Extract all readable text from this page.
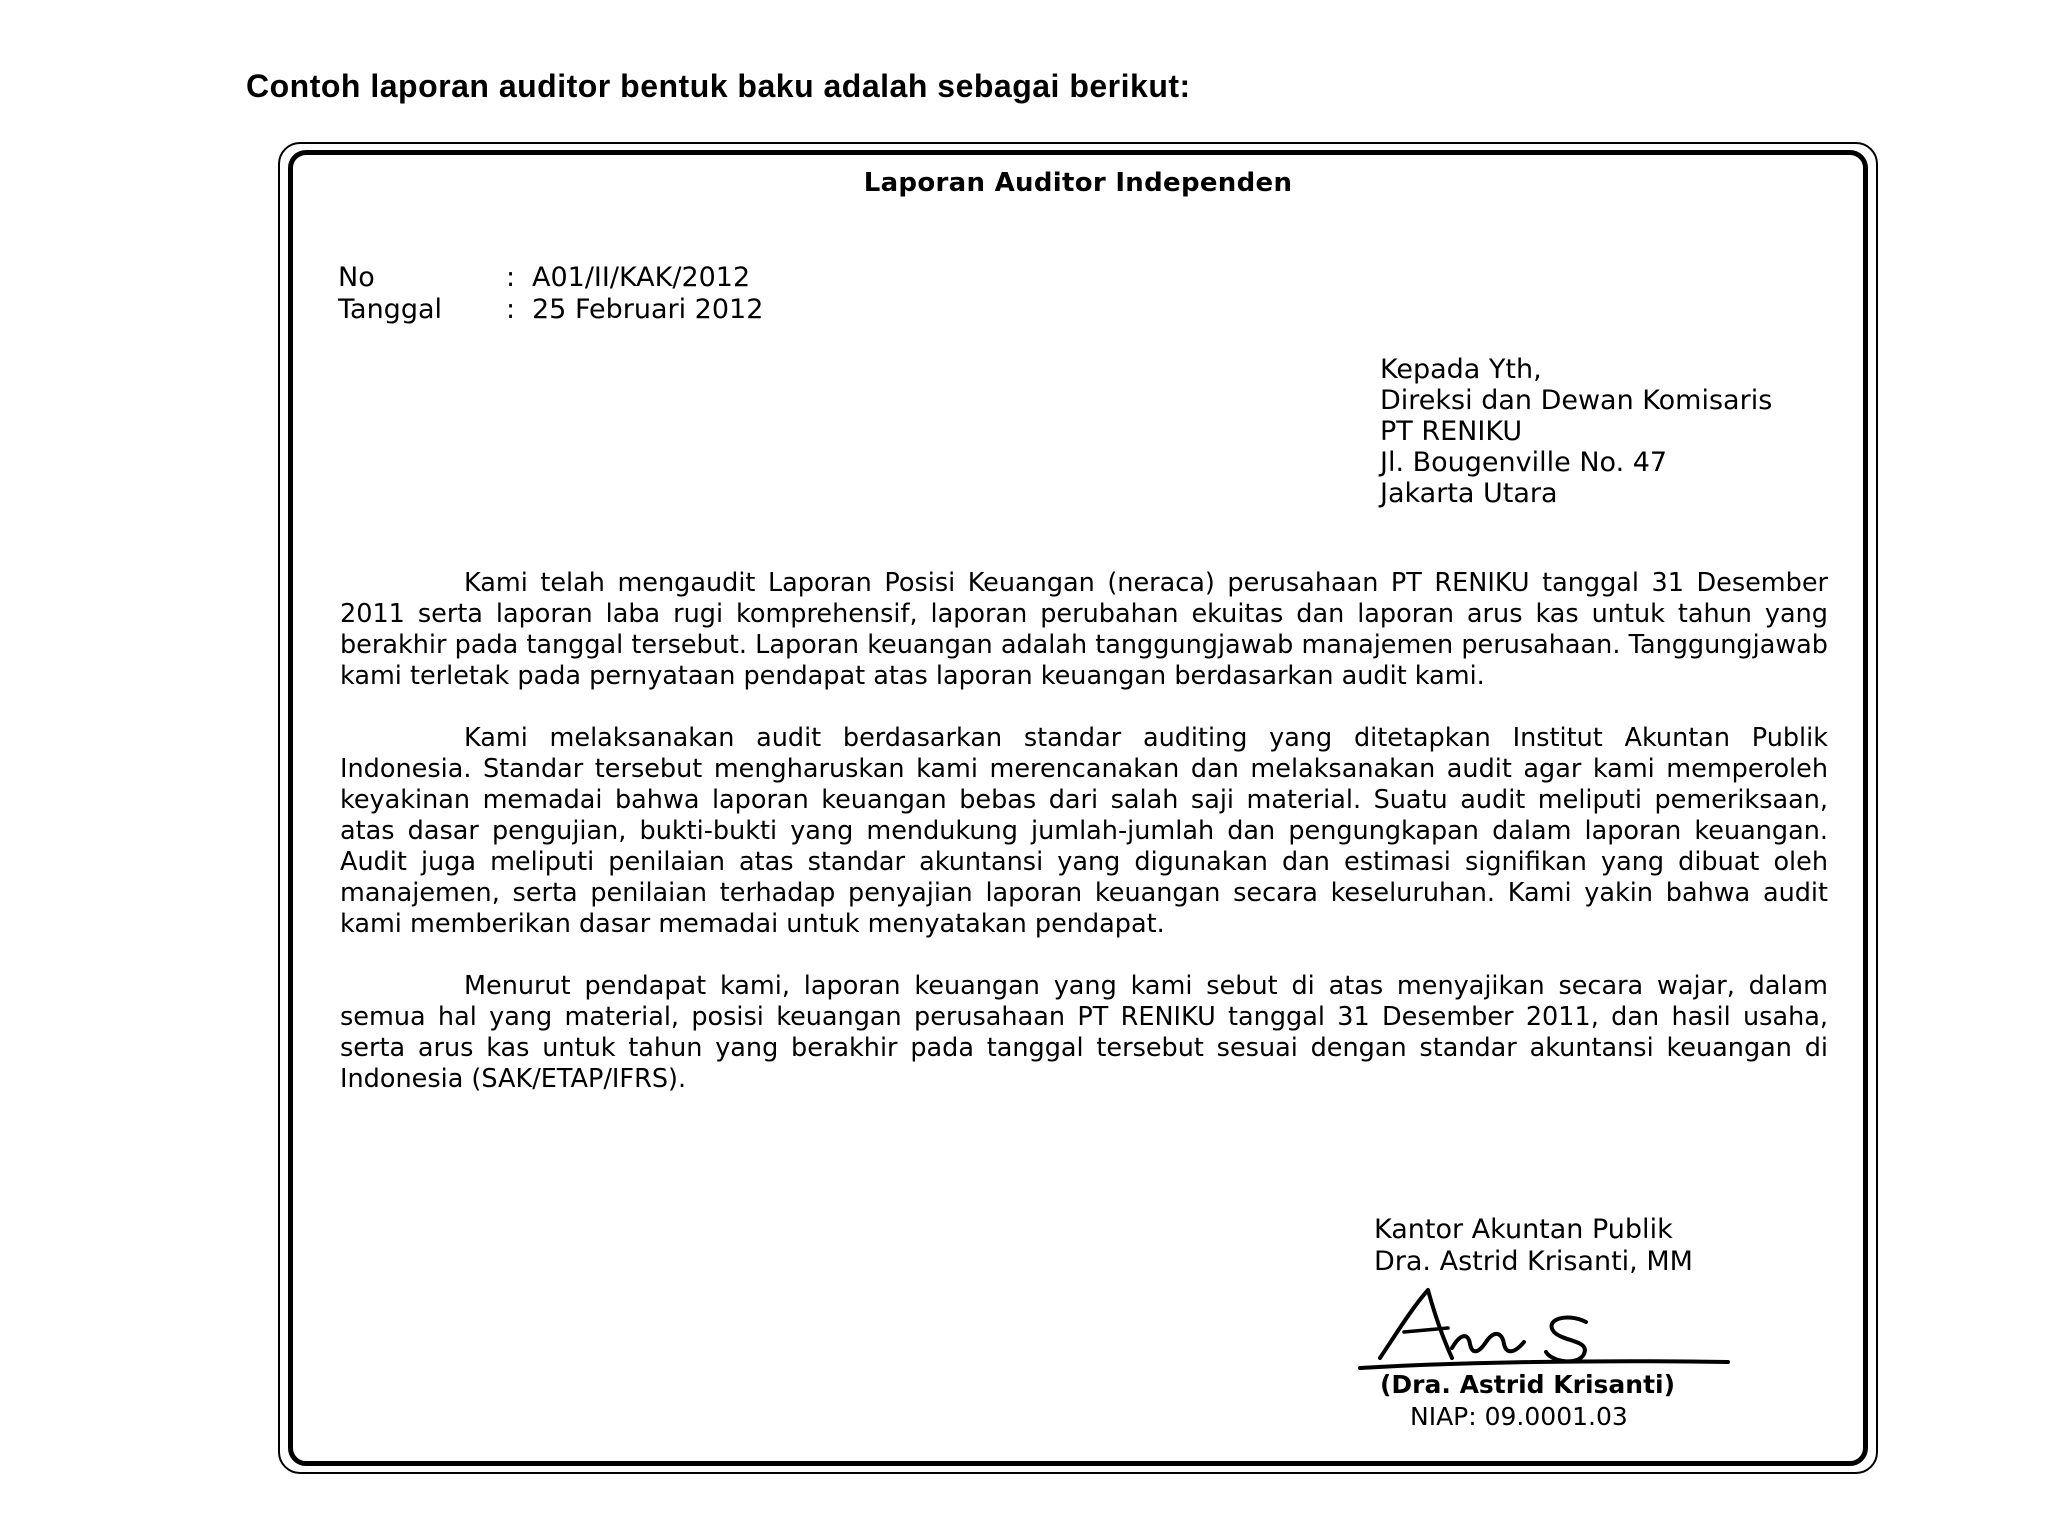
Contoh laporan auditor bentuk baku adalah sebagai berikut:
Laporan Auditor Independen
No	: A01/II/KAK/2012
Tanggal	: 25 Februari 2012
Kepada Yth,
Direksi dan Dewan Komisaris
PT RENIKU
Jl. Bougenville No. 47
Jakarta Utara

Kami telah mengaudit Laporan Posisi Keuangan (neraca) perusahaan PT RENIKU tanggal 31 Desember 2011 serta laporan laba rugi komprehensif, laporan perubahan ekuitas dan laporan arus kas untuk tahun yang berakhir pada tanggal tersebut. Laporan keuangan adalah tanggungjawab manajemen perusahaan. Tanggungjawab kami terletak pada pernyataan pendapat atas laporan keuangan berdasarkan audit kami.

Kami melaksanakan audit berdasarkan standar auditing yang ditetapkan Institut Akuntan Publik Indonesia. Standar tersebut mengharuskan kami merencanakan dan melaksanakan audit agar kami memperoleh keyakinan memadai bahwa laporan keuangan bebas dari salah saji material. Suatu audit meliputi pemeriksaan, atas dasar pengujian, bukti-bukti yang mendukung jumlah-jumlah dan pengungkapan dalam laporan keuangan. Audit juga meliputi penilaian atas standar akuntansi yang digunakan dan estimasi signifikan yang dibuat oleh manajemen, serta penilaian terhadap penyajian laporan keuangan secara keseluruhan. Kami yakin bahwa audit kami memberikan dasar memadai untuk menyatakan pendapat.

Menurut pendapat kami, laporan keuangan yang kami sebut di atas menyajikan secara wajar, dalam semua hal yang material, posisi keuangan perusahaan PT RENIKU tanggal 31 Desember 2011, dan hasil usaha, serta arus kas untuk tahun yang berakhir pada tanggal tersebut sesuai dengan standar akuntansi keuangan di Indonesia (SAK/ETAP/IFRS).

Kantor Akuntan Publik
Dra. Astrid Krisanti, MM
(Dra. Astrid Krisanti)
NIAP: 09.0001.03
